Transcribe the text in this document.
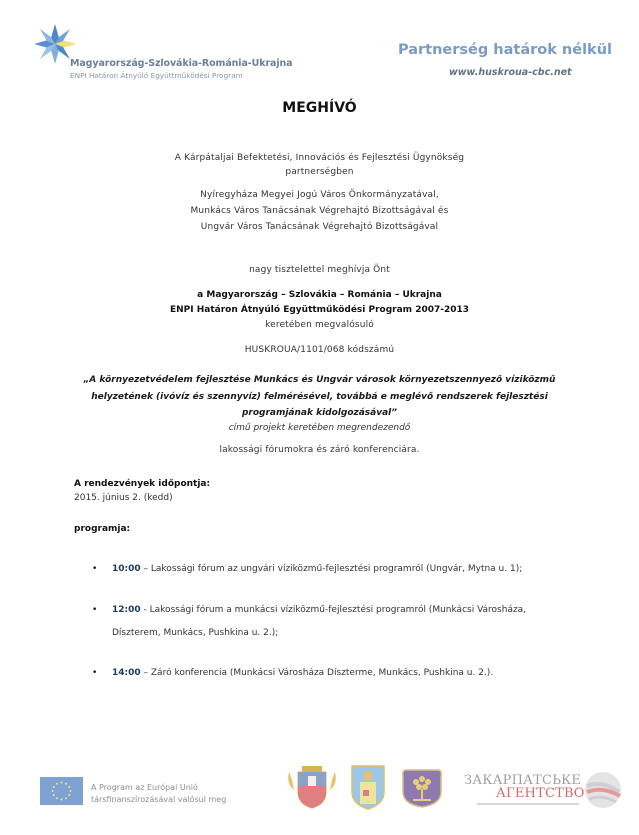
Magyarország-Szlovákia-Románia-Ukrajna
ENPI Határon Átnyúló Együttműködési Program
Partnerség határok nélkül
www.huskroua-cbc.net
MEGHÍVÓ
A Kárpátaljai Befektetési, Innovációs és Fejlesztési Ügynökség
partnerségben
Nyíregyháza Megyei Jogú Város Önkormányzatával,
Munkács Város Tanácsának Végrehajtó Bizottságával és
Ungvár Város Tanácsának Végrehajtó Bizottságával
nagy tisztelettel meghívja Önt
a Magyarország – Szlovákia – Románia – Ukrajna
ENPI Határon Átnyúló Együttműködési Program 2007-2013
keretében megvalósuló
HUSKROUA/1101/068 kódszámú
„A környezetvédelem fejlesztése Munkács és Ungvár városok környezetszennyező víziközmű
helyzetének (ivóvíz és szennyvíz) felmérésével, továbbá e meglévő rendszerek fejlesztési
programjának kidolgozásával”
című projekt keretében megrendezendő
lakossági fórumokra és záró konferenciára.
A rendezvények időpontja:
2015. június 2. (kedd)
programja:
• 10:00 – Lakossági fórum az ungvári víziközmű-fejlesztési programról (Ungvár, Mytna u. 1);
• 12:00 - Lakossági fórum a munkácsi víziközmű-fejlesztési programról (Munkácsi Városháza, Díszterem, Munkács, Pushkina u. 2.);
• 14:00 – Záró konferencia (Munkácsi Városháza Díszterme, Munkács, Pushkina u. 2.).
A Program az Európai Unió
társfinanszírozásával valósul meg
ЗАКАРПАТСЬКЕ
АГЕНТСТВО
